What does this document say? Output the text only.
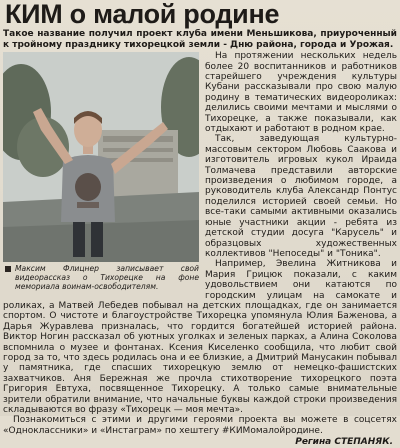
КИМ о малой родине

Такое название получил проект клуба имени Меньшикова, приуроченный к тройному празднику тихорецкой земли - Дню района, города и Урожая.

Максим Флицнер записывает свой видеорассказ о Тихорецке на фоне мемориала воинам-освободителям.

На протяжении нескольких недель более 20 воспитанников и работников старейшего учреждения культуры Кубани рассказывали про свою малую родину в тематических видеороликах: делились своими мечтами и мыслями о Тихорецке, а также показывали, как отдыхают и работают в родном крае.

Так, заведующая культурно-массовым сектором Любовь Саакова и изготовитель игровых кукол Ираида Толмачева представили авторские произведения о любимом городе, а руководитель клуба Александр Понтус поделился историей своей семьи. Но все-таки самыми активными оказались юные участники акции - ребята из детской студии досуга "Карусель" и образцовых художественных коллективов "Непоседы" и "Тоника".

Например, Эвелина Житникова и Мария Грицюк показали, с каким удовольствием они катаются по городским улицам на самокате и роликах, а Матвей Лебедев побывал на детских площадках, где он занимается спортом. О чистоте и благоустройстве Тихорецка упомянула Юлия Баженова, а Дарья Журавлева призналась, что гордится богатейшей историей района. Виктор Ногин рассказал об уютных уголках и зеленых парках, а Алина Соколова вспомнила о музее и фонтанах. Ксения Киселенко сообщила, что любит свой город за то, что здесь родилась она и ее близкие, а Дмитрий Манусакин побывал у памятника, где спасших тихорецкую землю от немецко-фашистских захватчиков. Аня Бережная же прочла стихотворение тихорецкого поэта Григория Евтуха, посвященное Тихорецку. А только самые внимательные зрители обратили внимание, что начальные буквы каждой строки произведения складываются во фразу «Тихорецк — моя мечта».

Познакомиться с этими и другими героями проекта вы можете в соцсетях «Одноклассники» и «Инстаграм» по хештегу #КИМомалойродине.

Регина СТЕПАНЯК.
